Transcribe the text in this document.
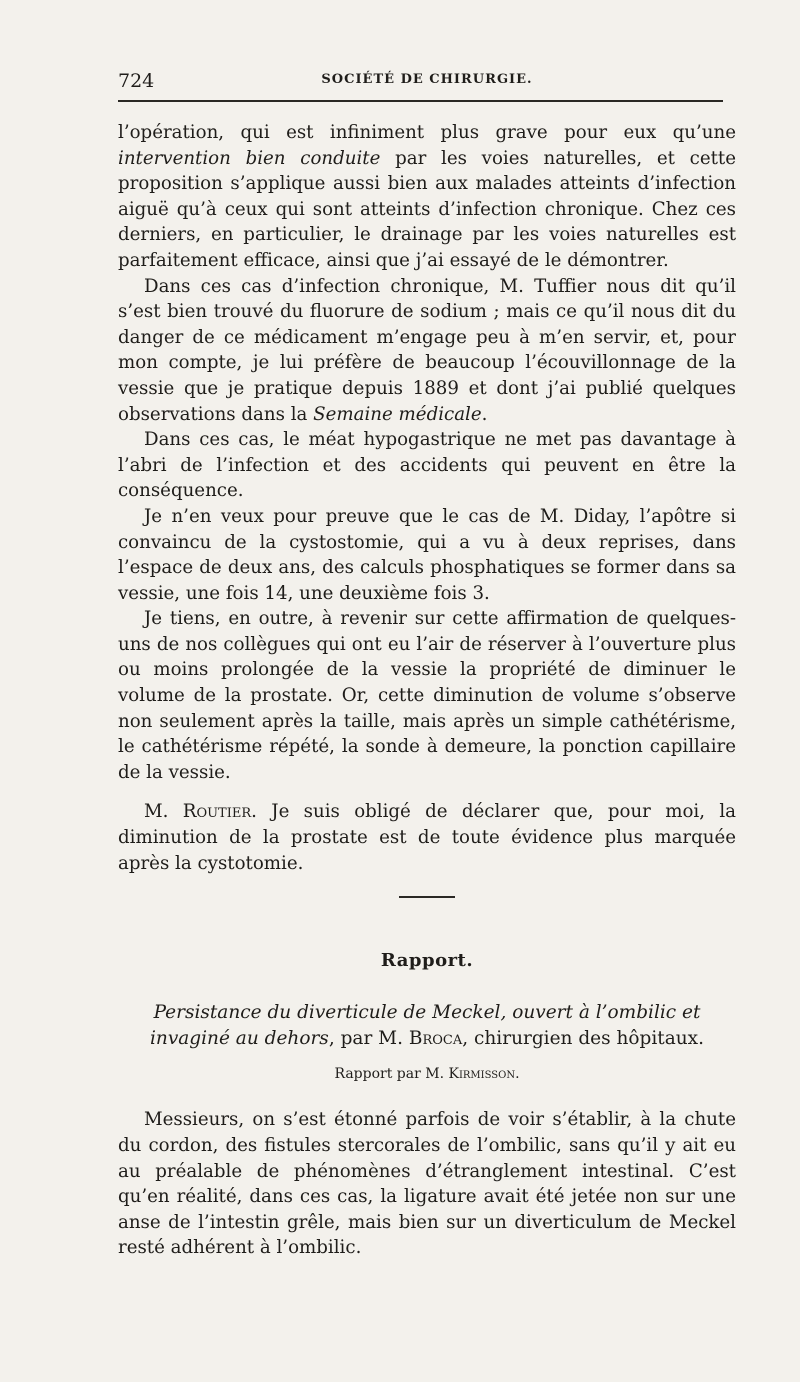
724	SOCIÉTÉ DE CHIRURGIE.

l’opération, qui est infiniment plus grave pour eux qu’une intervention bien conduite par les voies naturelles, et cette proposition s’applique aussi bien aux malades atteints d’infection aiguë qu’à ceux qui sont atteints d’infection chronique. Chez ces derniers, en particulier, le drainage par les voies naturelles est parfaitement efficace, ainsi que j’ai essayé de le démontrer.

Dans ces cas d’infection chronique, M. Tuffier nous dit qu’il s’est bien trouvé du fluorure de sodium ; mais ce qu’il nous dit du danger de ce médicament m’engage peu à m’en servir, et, pour mon compte, je lui préfère de beaucoup l’écouvillonnage de la vessie que je pratique depuis 1889 et dont j’ai publié quelques observations dans la Semaine médicale.

Dans ces cas, le méat hypogastrique ne met pas davantage à l’abri de l’infection et des accidents qui peuvent en être la conséquence.

Je n’en veux pour preuve que le cas de M. Diday, l’apôtre si convaincu de la cystostomie, qui a vu à deux reprises, dans l’espace de deux ans, des calculs phosphatiques se former dans sa vessie, une fois 14, une deuxième fois 3.

Je tiens, en outre, à revenir sur cette affirmation de quelques-uns de nos collègues qui ont eu l’air de réserver à l’ouverture plus ou moins prolongée de la vessie la propriété de diminuer le volume de la prostate. Or, cette diminution de volume s’observe non seulement après la taille, mais après un simple cathétérisme, le cathétérisme répété, la sonde à demeure, la ponction capillaire de la vessie.

M. Routier. Je suis obligé de déclarer que, pour moi, la diminution de la prostate est de toute évidence plus marquée après la cystotomie.

Rapport.
Persistance du diverticule de Meckel, ouvert à l’ombilic et invaginé au dehors, par M. Broca, chirurgien des hôpitaux.
Rapport par M. Kirmisson.

Messieurs, on s’est étonné parfois de voir s’établir, à la chute du cordon, des fistules stercorales de l’ombilic, sans qu’il y ait eu au préalable de phénomènes d’étranglement intestinal. C’est qu’en réalité, dans ces cas, la ligature avait été jetée non sur une anse de l’intestin grêle, mais bien sur un diverticulum de Meckel resté adhérent à l’ombilic.
